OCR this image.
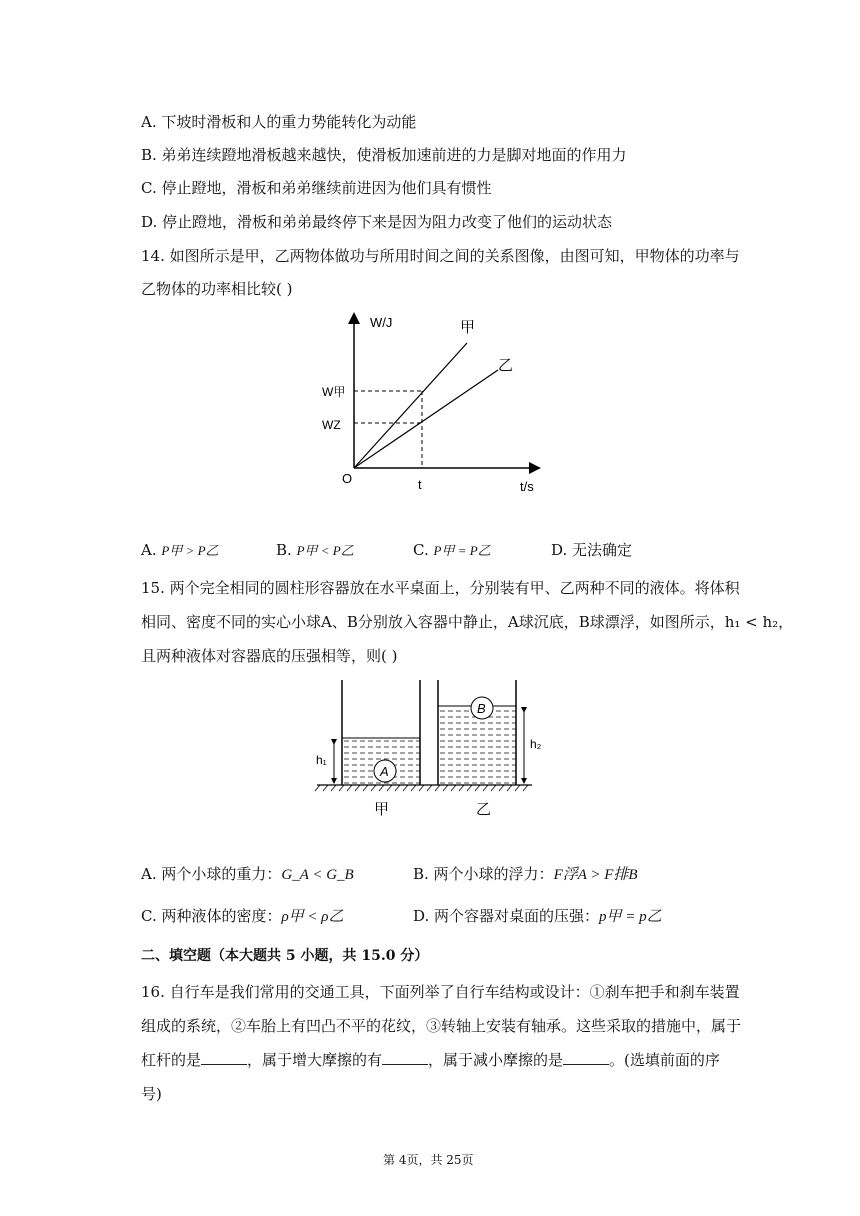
A. 下坡时滑板和人的重力势能转化为动能
B. 弟弟连续蹬地滑板越来越快，使滑板加速前进的力是脚对地面的作用力
C. 停止蹬地，滑板和弟弟继续前进因为他们具有惯性
D. 停止蹬地，滑板和弟弟最终停下来是因为阻力改变了他们的运动状态
14. 如图所示是甲，乙两物体做功与所用时间之间的关系图像，由图可知，甲物体的功率与
乙物体的功率相比较( )
W/J
t/s
O	t
W甲
WZ
甲
乙
A. P甲 > P乙	B. P甲 < P乙	C. P甲 = P乙	D. 无法确定
15. 两个完全相同的圆柱形容器放在水平桌面上，分别装有甲、乙两种不同的液体。将体积
相同、密度不同的实心小球A、B分别放入容器中静止，A球沉底，B球漂浮，如图所示，h₁ < h₂，
且两种液体对容器底的压强相等，则( )
A
h₁
B
h₂
甲	乙
A. 两个小球的重力：G_A < G_B	B. 两个小球的浮力：F浮A > F排B
C. 两种液体的密度：ρ甲 < ρ乙	D. 两个容器对桌面的压强：p甲 = p乙
二、填空题（本大题共 5 小题，共 15.0 分）
16. 自行车是我们常用的交通工具，下面列举了自行车结构或设计：①刹车把手和刹车装置
组成的系统，②车胎上有凹凸不平的花纹，③转轴上安装有轴承。这些采取的措施中，属于
杠杆的是	，属于增大摩擦的有	，属于减小摩擦的是	。(选填前面的序
号)
第 4页，共 25页
